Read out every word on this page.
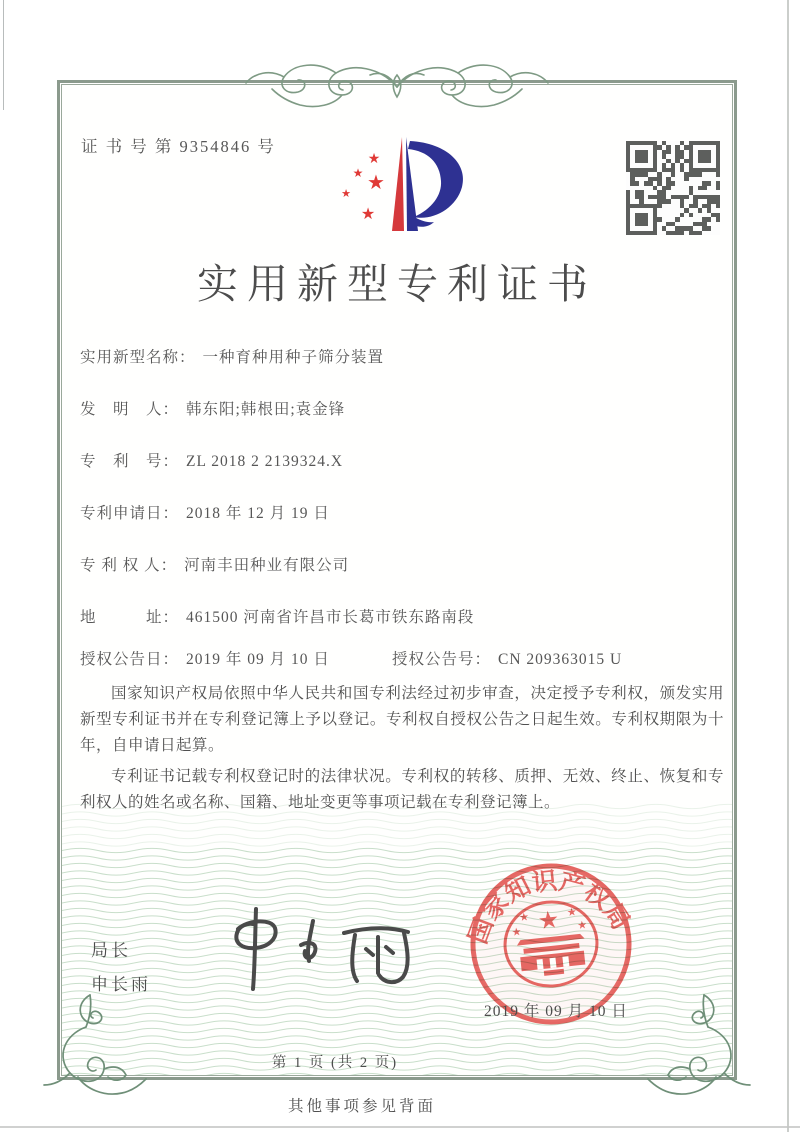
证 书 号 第 9354846 号
★
★ ★
★
★
实用新型专利证书
实用新型名称： 一种育种用种子筛分装置
发　明　人： 韩东阳;韩根田;袁金锋
专　利　号： ZL 2018 2 2139324.X
专利申请日： 2018 年 12 月 19 日
专 利 权 人： 河南丰田种业有限公司
地　　　址： 461500 河南省许昌市长葛市铁东路南段
授权公告日： 2019 年 09 月 10 日	授权公告号： CN 209363015 U

国家知识产权局依照中华人民共和国专利法经过初步审查，决定授予专利权，颁发实用新型专利证书并在专利登记簿上予以登记。专利权自授权公告之日起生效。专利权期限为十年，自申请日起算。

专利证书记载专利权登记时的法律状况。专利权的转移、质押、无效、终止、恢复和专利权人的姓名或名称、国籍、地址变更等事项记载在专利登记簿上。

局长
申长雨
国家知识产权局
★
★	★
★
★
2019 年 09 月 10 日
第 1 页 (共 2 页)
其他事项参见背面
